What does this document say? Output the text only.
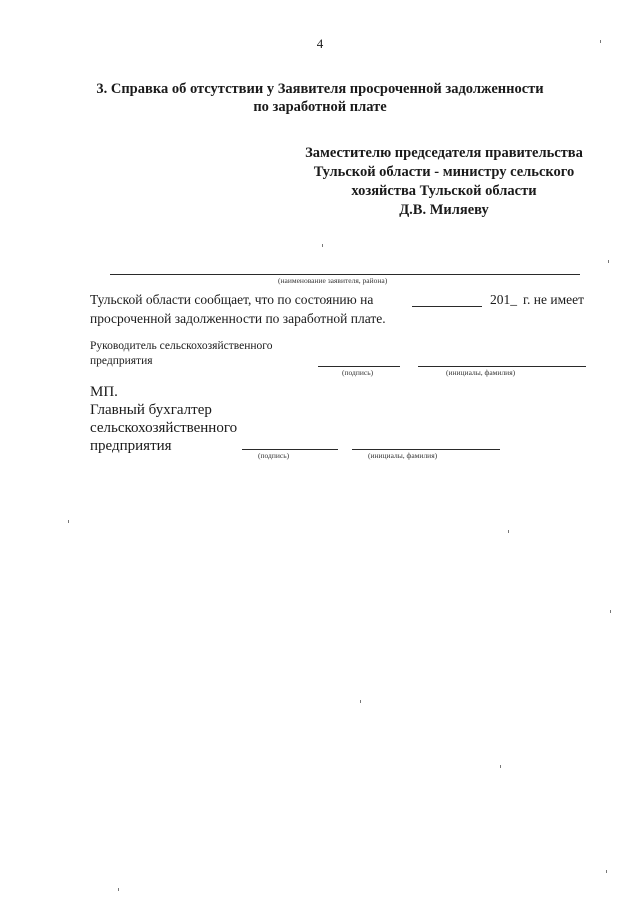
4
3. Справка об отсутствии у Заявителя просроченной задолженности
по заработной плате
Заместителю председателя правительства
Тульской области - министру сельского
хозяйства Тульской области
Д.В. Миляеву
(наименование заявителя, района)
Тульской области сообщает, что по состоянию на	201_ г. не имеет
просроченной задолженности по заработной плате.
Руководитель сельскохозяйственного
предприятия
(подпись)	(инициалы, фамилия)
МП.
Главный бухгалтер
сельскохозяйственного
предприятия
(подпись)	(инициалы, фамилия)
